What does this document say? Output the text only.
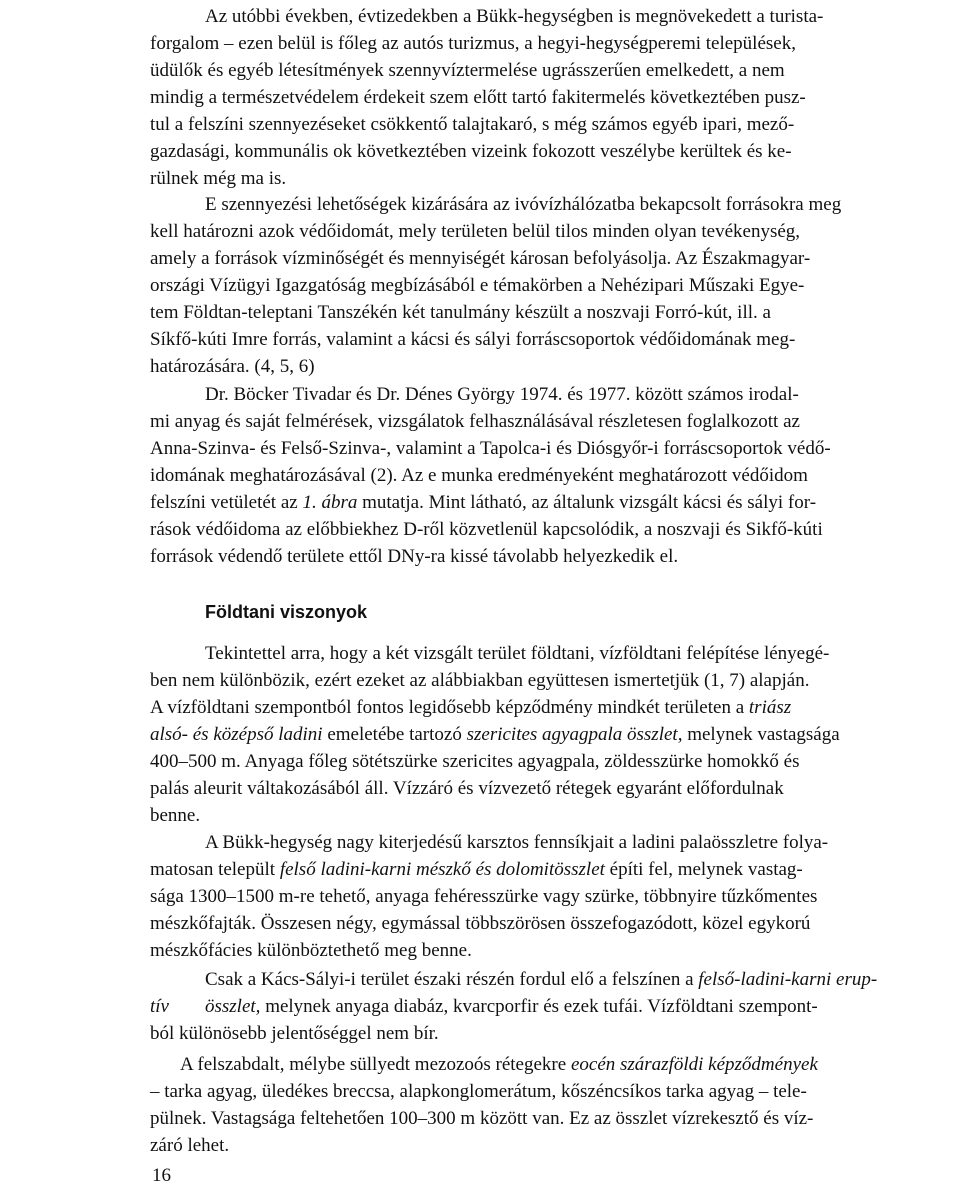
Az utóbbi években, évtizedekben a Bükk-hegységben is megnövekedett a turista-
forgalom – ezen belül is főleg az autós turizmus, a hegyi-hegységperemi települések,
üdülők és egyéb létesítmények szennyvíztermelése ugrásszerűen emelkedett, a nem
mindig a természetvédelem érdekeit szem előtt tartó fakitermelés következtében pusz-
tul a felszíni szennyezéseket csökkentő talajtakaró, s még számos egyéb ipari, mező-
gazdasági, kommunális ok következtében vizeink fokozott veszélybe kerültek és ke-
rülnek még ma is.
E szennyezési lehetőségek kizárására az ivóvízhálózatba bekapcsolt forrásokra meg
kell határozni azok védőidomát, mely területen belül tilos minden olyan tevékenység,
amely a források vízminőségét és mennyiségét károsan befolyásolja. Az Északmagyar-
országi Vízügyi Igazgatóság megbízásából e témakörben a Nehézipari Műszaki Egye-
tem Földtan-teleptani Tanszékén két tanulmány készült a noszvaji Forró-kút, ill. a
Síkfő-kúti Imre forrás, valamint a kácsi és sályi forráscsoportok védőidomának meg-
határozására. (4, 5, 6)
Dr. Böcker Tivadar és Dr. Dénes György 1974. és 1977. között számos irodal-
mi anyag és saját felmérések, vizsgálatok felhasználásával részletesen foglalkozott az
Anna-Szinva- és Felső-Szinva-, valamint a Tapolca-i és Diósgyőr-i forráscsoportok védő-
idomának meghatározásával (2). Az e munka eredményeként meghatározott védőidom
felszíni vetületét az 1. ábra mutatja. Mint látható, az általunk vizsgált kácsi és sályi for-
rások védőidoma az előbbiekhez D-ről közvetlenül kapcsolódik, a noszvaji és Sikfő-kúti
források védendő területe ettől DNy-ra kissé távolabb helyezkedik el.
Földtani viszonyok
Tekintettel arra, hogy a két vizsgált terület földtani, vízföldtani felépítése lényegé-
ben nem különbözik, ezért ezeket az alábbiakban együttesen ismertetjük (1, 7) alapján.
A vízföldtani szempontból fontos legidősebb képződmény mindkét területen a triász
alsó- és középső ladini emeletébe tartozó szericites agyagpala összlet, melynek vastagsága
400–500 m. Anyaga főleg sötétszürke szericites agyagpala, zöldesszürke homokkő és
palás aleurit váltakozásából áll. Vízzáró és vízvezető rétegek egyaránt előfordulnak
benne.
A Bükk-hegység nagy kiterjedésű karsztos fennsíkjait a ladini palaösszletre folya-
matosan települt felső ladini-karni mészkő és dolomitösszlet építi fel, melynek vastag-
sága 1300–1500 m-re tehető, anyaga fehéresszürke vagy szürke, többnyire tűzkőmentes
mészkőfajták. Összesen négy, egymással többszörösen összefogazódott, közel egykorú
mészkőfácies különböztethető meg benne.
Csak a Kács-Sályi-i terület északi részén fordul elő a felszínen a felső-ladini-karni erup-
tív összlet, melynek anyaga diabáz, kvarcporfir és ezek tufái. Vízföldtani szempont-
ból különösebb jelentőséggel nem bír.
A felszabdalt, mélybe süllyedt mezozoós rétegekre eocén szárazföldi képződmények
– tarka agyag, üledékes breccsa, alapkonglomerátum, kőszéncsíkos tarka agyag – tele-
pülnek. Vastagsága feltehetően 100–300 m között van. Ez az összlet vízrekesztő és víz-
záró lehet.
16
